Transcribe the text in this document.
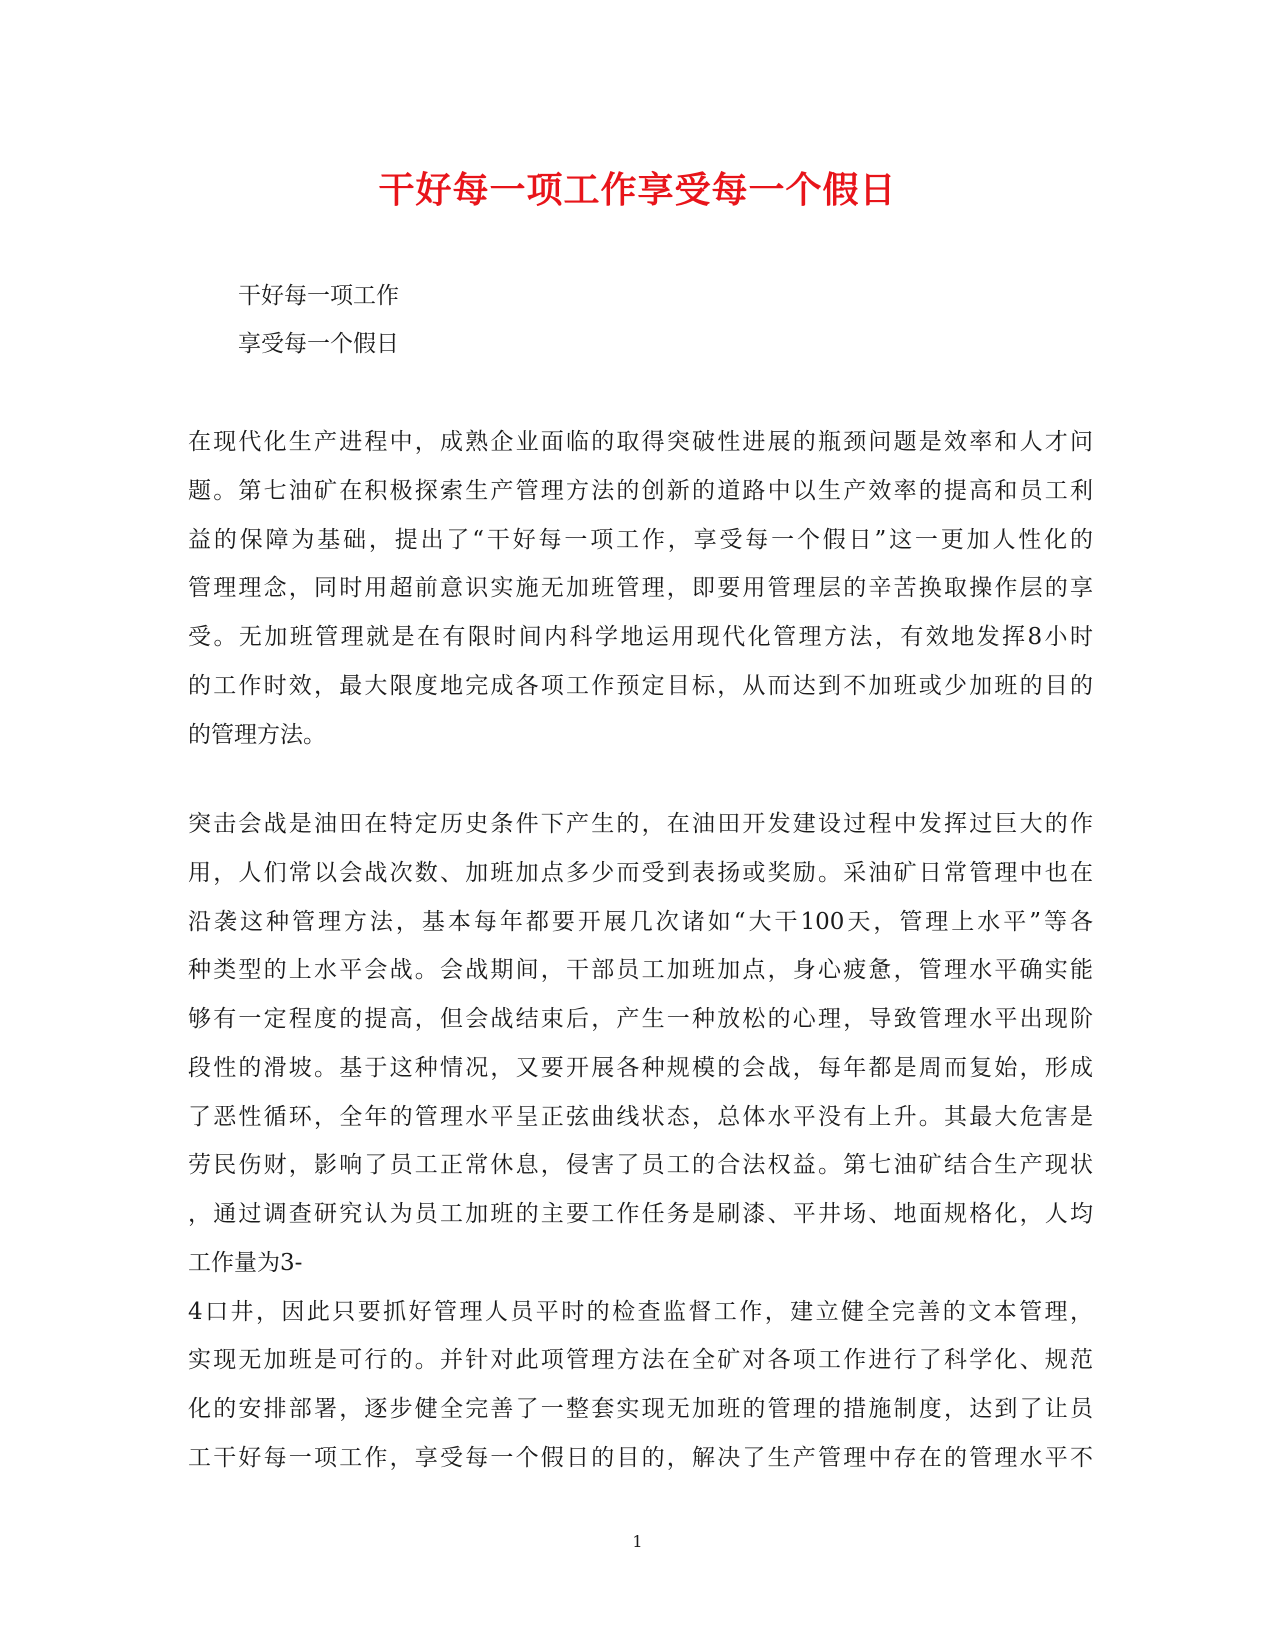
干好每一项工作享受每一个假日
干好每一项工作
享受每一个假日
在现代化生产进程中，成熟企业面临的取得突破性进展的瓶颈问题是效率和人才问
题。第七油矿在积极探索生产管理方法的创新的道路中以生产效率的提高和员工利
益的保障为基础，提出了“干好每一项工作，享受每一个假日”这一更加人性化的
管理理念，同时用超前意识实施无加班管理，即要用管理层的辛苦换取操作层的享
受。无加班管理就是在有限时间内科学地运用现代化管理方法，有效地发挥8小时
的工作时效，最大限度地完成各项工作预定目标，从而达到不加班或少加班的目的
的管理方法。
突击会战是油田在特定历史条件下产生的，在油田开发建设过程中发挥过巨大的作
用，人们常以会战次数、加班加点多少而受到表扬或奖励。采油矿日常管理中也在
沿袭这种管理方法，基本每年都要开展几次诸如“大干100天，管理上水平”等各
种类型的上水平会战。会战期间，干部员工加班加点，身心疲惫，管理水平确实能
够有一定程度的提高，但会战结束后，产生一种放松的心理，导致管理水平出现阶
段性的滑坡。基于这种情况，又要开展各种规模的会战，每年都是周而复始，形成
了恶性循环，全年的管理水平呈正弦曲线状态，总体水平没有上升。其最大危害是
劳民伤财，影响了员工正常休息，侵害了员工的合法权益。第七油矿结合生产现状
，通过调查研究认为员工加班的主要工作任务是刷漆、平井场、地面规格化，人均
工作量为3-
4口井，因此只要抓好管理人员平时的检查监督工作，建立健全完善的文本管理，
实现无加班是可行的。并针对此项管理方法在全矿对各项工作进行了科学化、规范
化的安排部署，逐步健全完善了一整套实现无加班的管理的措施制度，达到了让员
工干好每一项工作，享受每一个假日的目的，解决了生产管理中存在的管理水平不
1
